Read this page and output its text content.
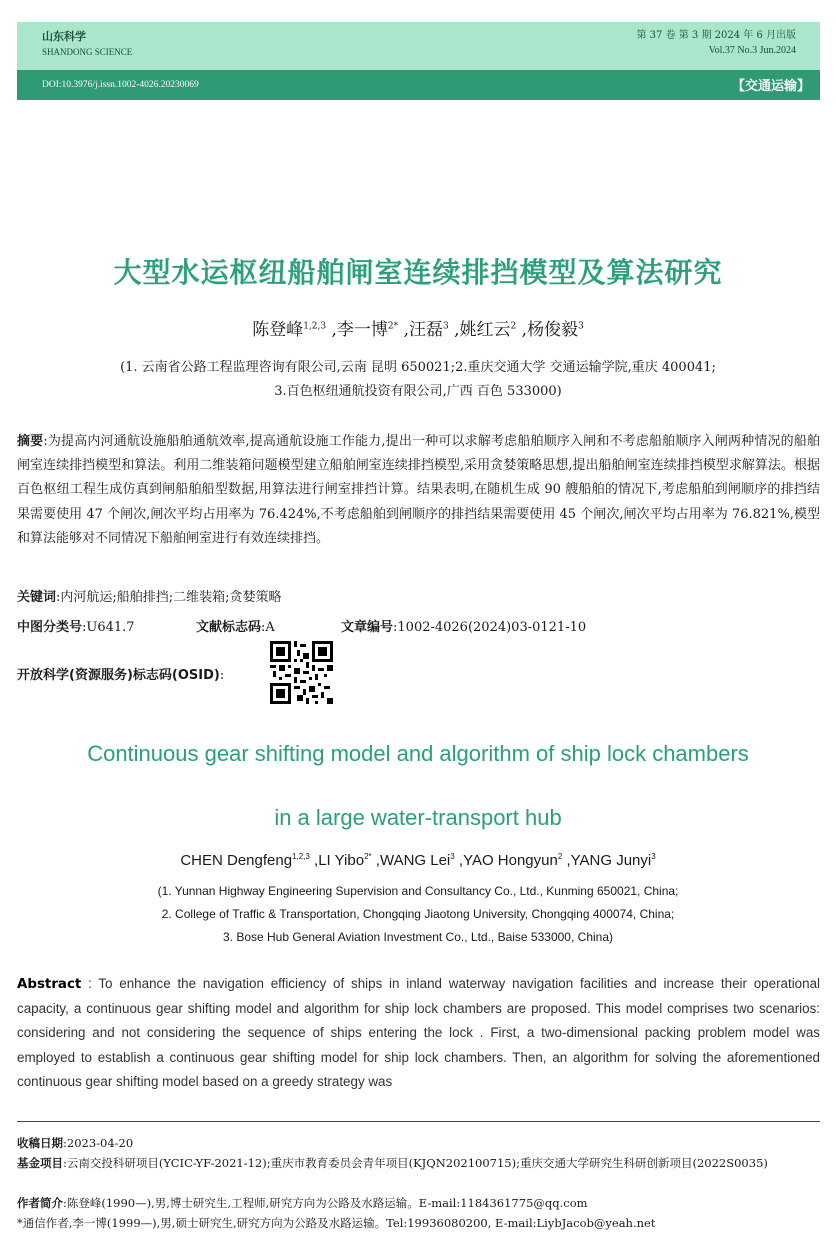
山东科学
SHANDONG SCIENCE
第 37 卷 第 3 期 2024 年 6 月出版
Vol.37 No.3 Jun.2024
DOI:10.3976/j.issn.1002-4026.20230069	【交通运输】
大型水运枢纽船舶闸室连续排挡模型及算法研究
陈登峰$^{1,2,3}$ ,李一博$^{2*}$ ,汪磊$^3$ ,姚红云$^2$ ,杨俊毅$^3$
(1. 云南省公路工程监理咨询有限公司,云南 昆明 650021;2.重庆交通大学 交通运输学院,重庆 400041;
3.百色枢纽通航投资有限公司,广西 百色 533000)
摘要:为提高内河通航设施船舶通航效率,提高通航设施工作能力,提出一种可以求解考虑船舶顺序入闸和不考虑船舶顺序入闸两种情况的船舶闸室连续排挡模型和算法。利用二维装箱问题模型建立船舶闸室连续排挡模型,采用贪婪策略思想,提出船舶闸室连续排挡模型求解算法。根据百色枢纽工程生成仿真到闸船舶船型数据,用算法进行闸室排挡计算。结果表明,在随机生成 90 艘船舶的情况下,考虑船舶到闸顺序的排挡结果需要使用 47 个闸次,闸次平均占用率为 76.424%,不考虑船舶到闸顺序的排挡结果需要使用 45 个闸次,闸次平均占用率为 76.821%,模型和算法能够对不同情况下船舶闸室进行有效连续排挡。
关键词:内河航运;船舶排挡;二维装箱;贪婪策略
中图分类号:U641.7	文献标志码:A	文章编号:1002-4026(2024)03-0121-10
开放科学(资源服务)标志码(OSID):
Continuous gear shifting model and algorithm of ship lock chambers
in a large water-transport hub
CHEN Dengfeng$^{1,2,3}$ ,LI Yibo$^{2*}$ ,WANG Lei$^3$ ,YAO Hongyun$^2$ ,YANG Junyi$^3$
(1. Yunnan Highway Engineering Supervision and Consultancy Co., Ltd., Kunming 650021, China;
2. College of Traffic & Transportation, Chongqing Jiaotong University, Chongqing 400074, China;
3. Bose Hub General Aviation Investment Co., Ltd., Baise 533000, China)
Abstract : To enhance the navigation efficiency of ships in inland waterway navigation facilities and increase their operational capacity, a continuous gear shifting model and algorithm for ship lock chambers are proposed. This model comprises two scenarios: considering and not considering the sequence of ships entering the lock . First, a two-dimensional packing problem model was employed to establish a continuous gear shifting model for ship lock chambers. Then, an algorithm for solving the aforementioned continuous gear shifting model based on a greedy strategy was
收稿日期:2023-04-20
基金项目:云南交投科研项目(YCIC-YF-2021-12);重庆市教育委员会青年项目(KJQN202100715);重庆交通大学研究生科研创新项目(2022S0035)
作者简介:陈登峰(1990—),男,博士研究生,工程师,研究方向为公路及水路运输。E-mail:1184361775@qq.com
*通信作者,李一博(1999—),男,硕士研究生,研究方向为公路及水路运输。Tel:19936080200, E-mail:LiybJacob@yeah.net
